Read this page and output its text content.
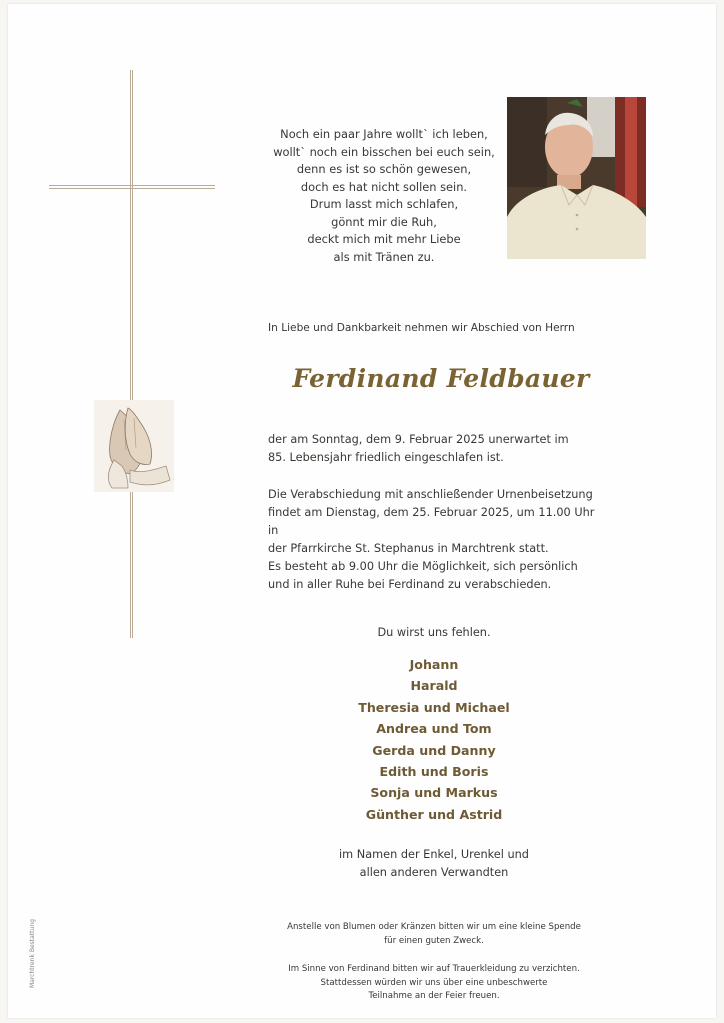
Noch ein paar Jahre wollt` ich leben,
wollt` noch ein bisschen bei euch sein,
denn es ist so schön gewesen,
doch es hat nicht sollen sein.
Drum lasst mich schlafen,
gönnt mir die Ruh,
deckt mich mit mehr Liebe
als mit Tränen zu.
In Liebe und Dankbarkeit nehmen wir Abschied von Herrn
Ferdinand Feldbauer
der am Sonntag, dem 9. Februar 2025 unerwartet im
85. Lebensjahr friedlich eingeschlafen ist.
Die Verabschiedung mit anschließender Urnenbeisetzung
findet am Dienstag, dem 25. Februar 2025, um 11.00 Uhr in
der Pfarrkirche St. Stephanus in Marchtrenk statt.
Es besteht ab 9.00 Uhr die Möglichkeit, sich persönlich
und in aller Ruhe bei Ferdinand zu verabschieden.
Du wirst uns fehlen.
Johann
Harald
Theresia und Michael
Andrea und Tom
Gerda und Danny
Edith und Boris
Sonja und Markus
Günther und Astrid
im Namen der Enkel, Urenkel und
allen anderen Verwandten
Anstelle von Blumen oder Kränzen bitten wir um eine kleine Spende
für einen guten Zweck.
Im Sinne von Ferdinand bitten wir auf Trauerkleidung zu verzichten.
Stattdessen würden wir uns über eine unbeschwerte
Teilnahme an der Feier freuen.
Marchtrenk Bestattung
